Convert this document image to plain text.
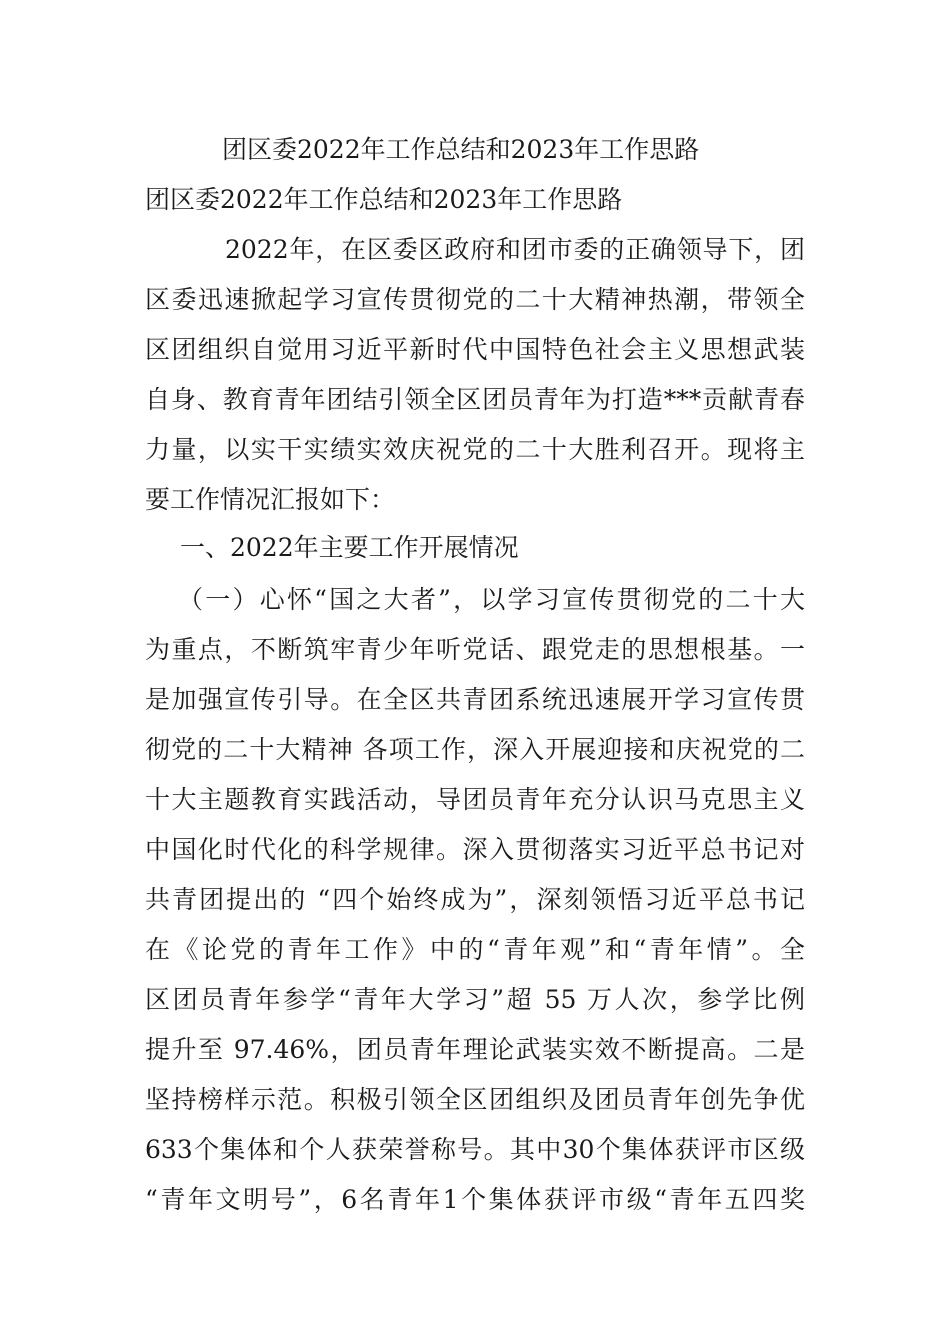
团区委2022年工作总结和2023年工作思路
团区委2022年工作总结和2023年工作思路
2022年，在区委区政府和团市委的正确领导下，团
区委迅速掀起学习宣传贯彻党的二十大精神热潮，带领全
区团组织自觉用习近平新时代中国特色社会主义思想武装
自身、教育青年团结引领全区团员青年为打造***贡献青春
力量，以实干实绩实效庆祝党的二十大胜利召开。现将主
要工作情况汇报如下：
一、2022年主要工作开展情况
（一）心怀“国之大者”，以学习宣传贯彻党的二十大
为重点，不断筑牢青少年听党话、跟党走的思想根基。一
是加强宣传引导。在全区共青团系统迅速展开学习宣传贯
彻党的二十大精神 各项工作，深入开展迎接和庆祝党的二
十大主题教育实践活动，导团员青年充分认识马克思主义
中国化时代化的科学规律。深入贯彻落实习近平总书记对
共青团提出的 “四个始终成为”，深刻领悟习近平总书记
在《论党的青年工作》中的“青年观”和“青年情”。全
区团员青年参学“青年大学习”超 55 万人次，参学比例
提升至 97.46%，团员青年理论武装实效不断提高。二是
坚持榜样示范。积极引领全区团组织及团员青年创先争优
633个集体和个人获荣誉称号。其中30个集体获评市区级
“青年文明号”，6名青年1个集体获评市级“青年五四奖
